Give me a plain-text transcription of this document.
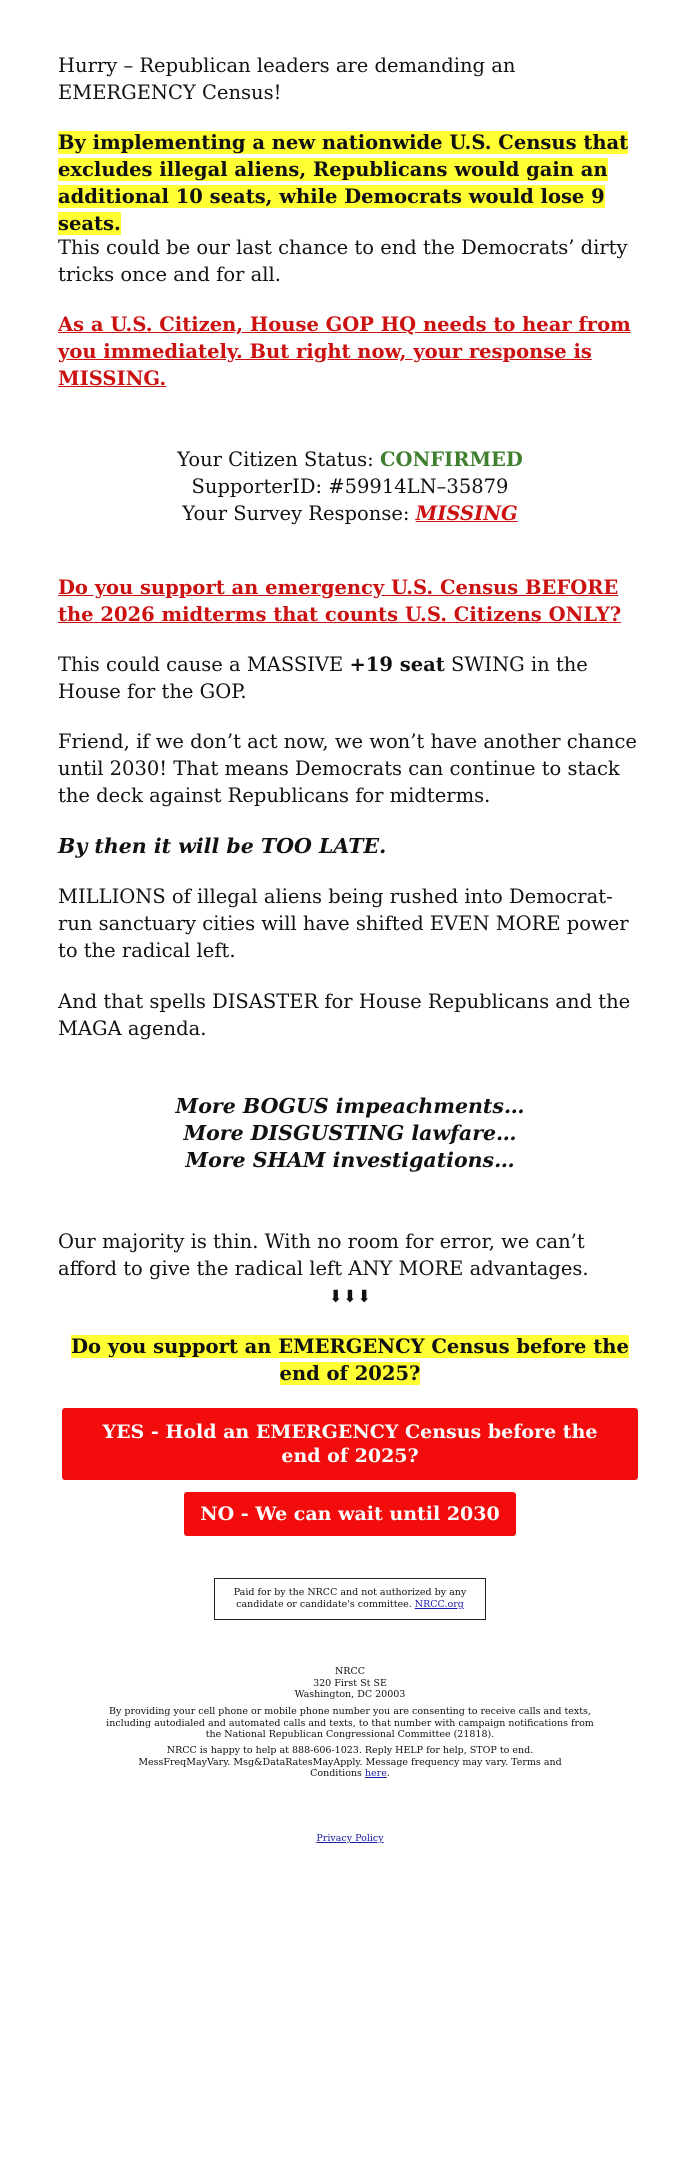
Hurry – Republican leaders are demanding an EMERGENCY Census!

By implementing a new nationwide U.S. Census that excludes illegal aliens, Republicans would gain an additional 10 seats, while Democrats would lose 9 seats.

This could be our last chance to end the Democrats’ dirty tricks once and for all.

As a U.S. Citizen, House GOP HQ needs to hear from you immediately. But right now, your response is MISSING.

Your Citizen Status: CONFIRMED

SupporterID: #59914LN–35879

Your Survey Response: MISSING

Do you support an emergency U.S. Census BEFORE the 2026 midterms that counts U.S. Citizens ONLY?

This could cause a MASSIVE +19 seat SWING in the House for the GOP.

Friend, if we don’t act now, we won’t have another chance until 2030! That means Democrats can continue to stack the deck against Republicans for midterms.

By then it will be TOO LATE.

MILLIONS of illegal aliens being rushed into Democrat-run sanctuary cities will have shifted EVEN MORE power to the radical left.

And that spells DISASTER for House Republicans and the MAGA agenda.

More BOGUS impeachments…

More DISGUSTING lawfare…

More SHAM investigations…

Our majority is thin. With no room for error, we can’t afford to give the radical left ANY MORE advantages.

⬇⬇⬇

Do you support an EMERGENCY Census before the end of 2025?

YES - Hold an EMERGENCY Census before the end of 2025?
NO - We can wait until 2030
Paid for by the NRCC and not authorized by any candidate or candidate's committee. NRCC.org
NRCC
320 First St SE
Washington, DC 20003
By providing your cell phone or mobile phone number you are consenting to receive calls and texts, including autodialed and automated calls and texts, to that number with campaign notifications from the National Republican Congressional Committee (21818).
NRCC is happy to help at 888-606-1023. Reply HELP for help, STOP to end. MessFreqMayVary. Msg&DataRatesMayApply. Message frequency may vary. Terms and Conditions here.
Privacy Policy
